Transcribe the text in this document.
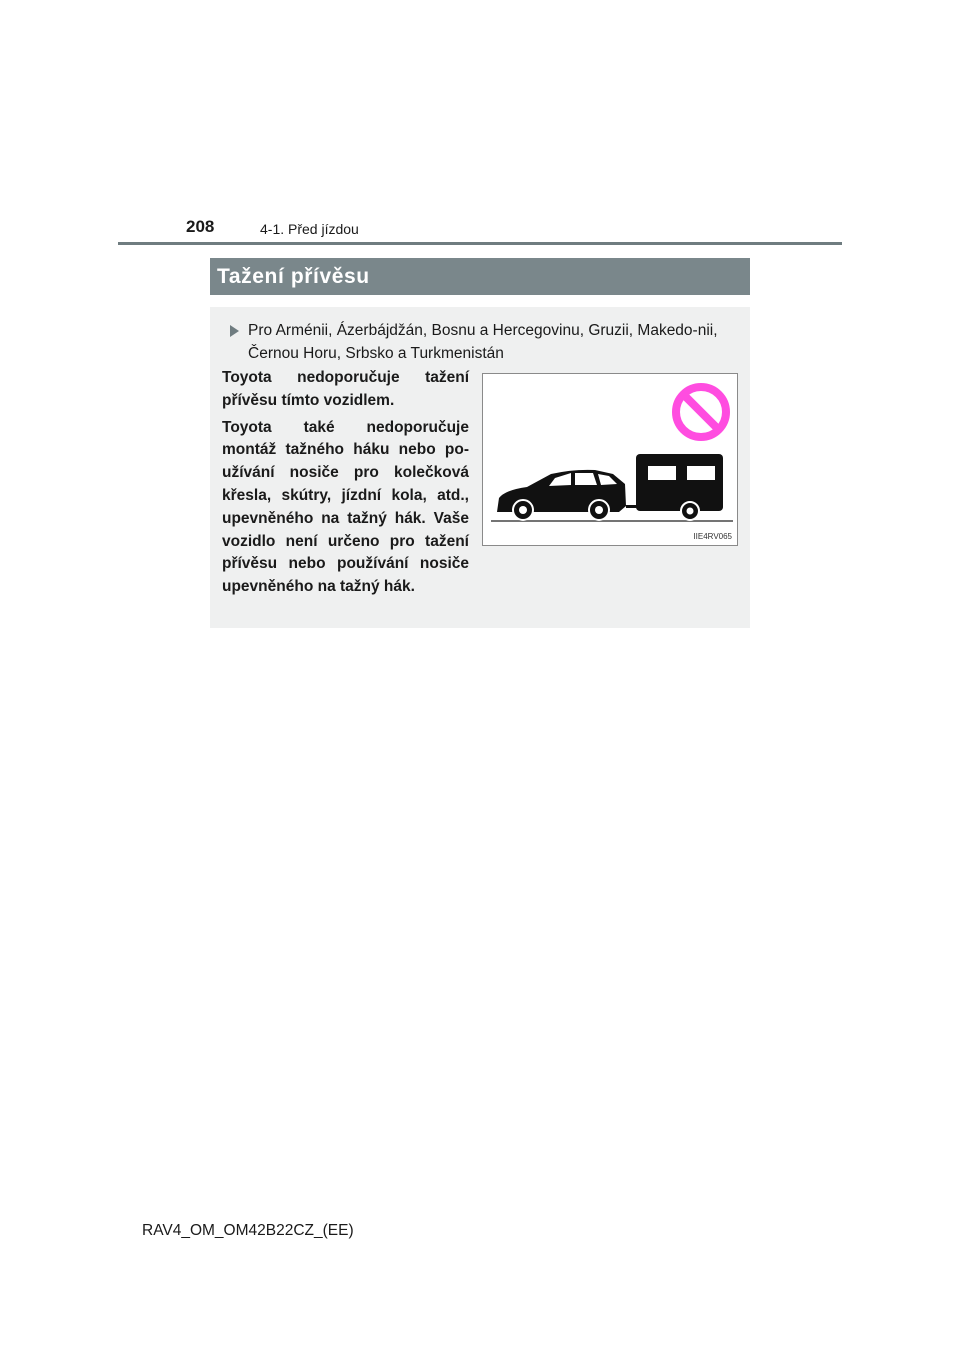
208	4-1. Před jízdou
Tažení přívěsu
Pro Arménii, Ázerbájdžán, Bosnu a Hercegovinu, Gruzii, Makedo-nii, Černou Horu, Srbsko a Turkmenistán

Toyota nedoporučuje tažení přívěsu tímto vozidlem.

Toyota také nedoporučuje montáž tažného háku nebo po-užívání nosiče pro kolečková křesla, skútry, jízdní kola, atd., upevněného na tažný hák. Vaše vozidlo není určeno pro tažení přívěsu nebo používání nosiče upevněného na tažný hák.

IIE4RV065
RAV4_OM_OM42B22CZ_(EE)
